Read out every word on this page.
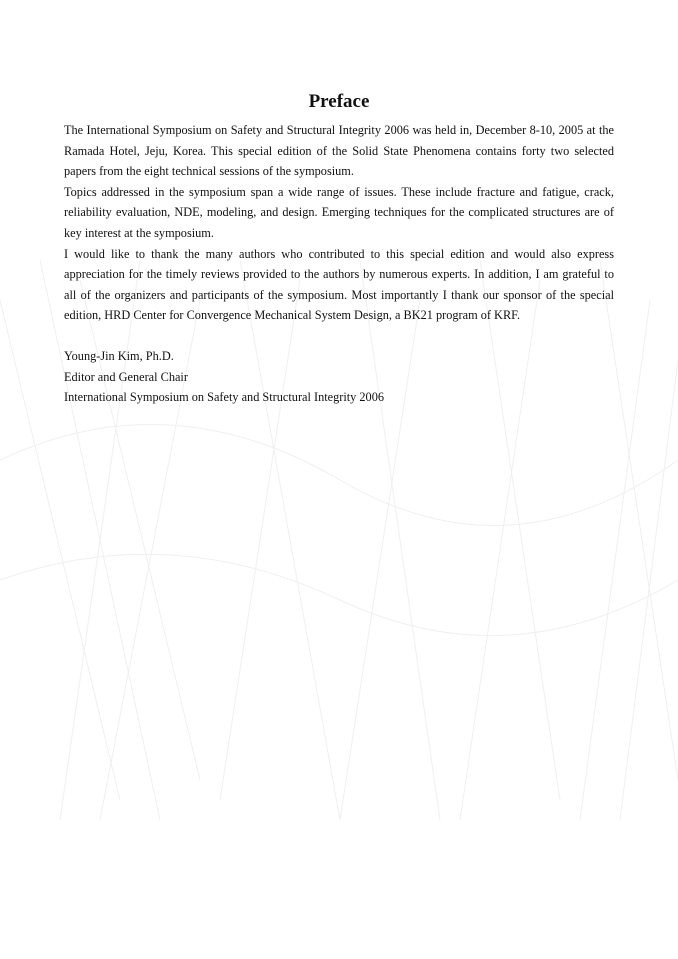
Preface

The International Symposium on Safety and Structural Integrity 2006 was held in, December 8-10, 2005 at the Ramada Hotel, Jeju, Korea. This special edition of the Solid State Phenomena contains forty two selected papers from the eight technical sessions of the symposium.

Topics addressed in the symposium span a wide range of issues. These include fracture and fatigue, crack, reliability evaluation, NDE, modeling, and design. Emerging techniques for the complicated structures are of key interest at the symposium.

I would like to thank the many authors who contributed to this special edition and would also express appreciation for the timely reviews provided to the authors by numerous experts. In addition, I am grateful to all of the organizers and participants of the symposium. Most importantly I thank our sponsor of the special edition, HRD Center for Convergence Mechanical System Design, a BK21 program of KRF.

Young-Jin Kim, Ph.D.

Editor and General Chair

International Symposium on Safety and Structural Integrity 2006
